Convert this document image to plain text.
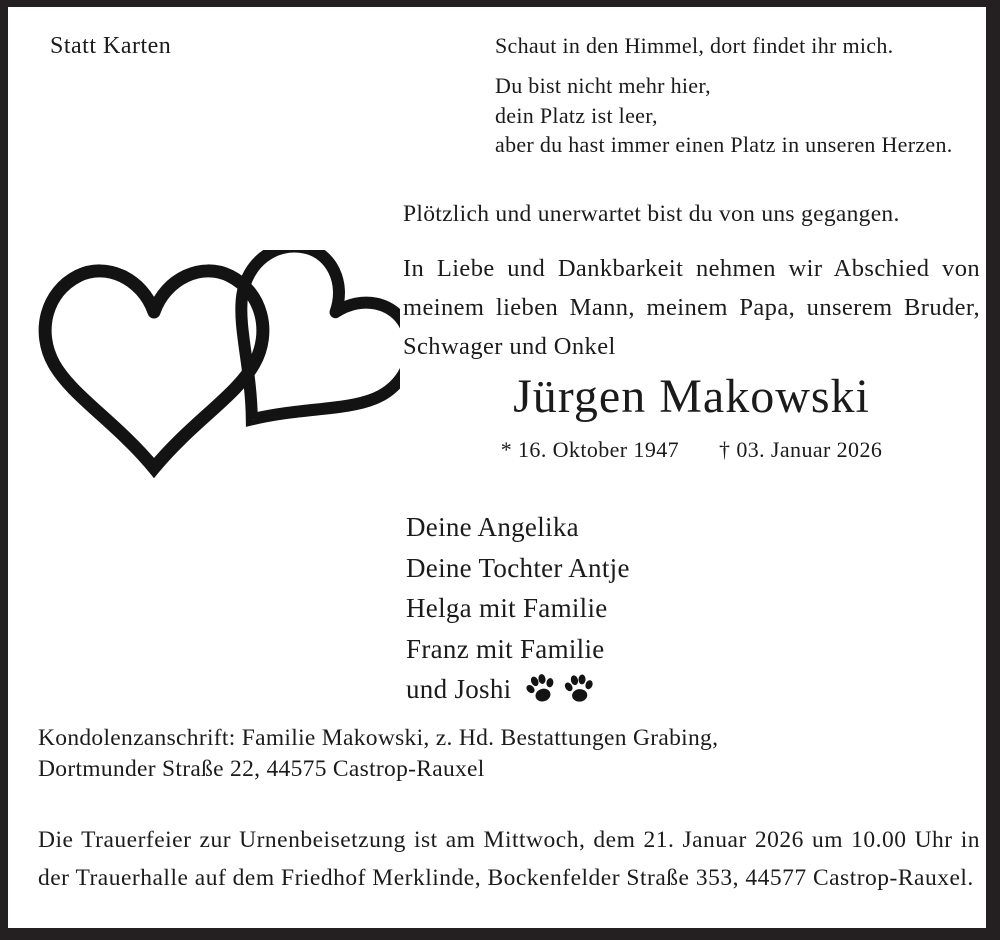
Statt Karten	Schaut in den Himmel, dort findet ihr mich.
Du bist nicht mehr hier,
dein Platz ist leer,
aber du hast immer einen Platz in unseren Herzen.
Plötzlich und unerwartet bist du von uns gegangen.
In Liebe und Dankbarkeit nehmen wir Abschied von meinem lieben Mann, meinem Papa, unserem Bruder, Schwager und Onkel
Jürgen Makowski
* 16. Oktober 1947 † 03. Januar 2026
Deine Angelika
Deine Tochter Antje
Helga mit Familie
Franz mit Familie
und Joshi
Kondolenzanschrift: Familie Makowski, z. Hd. Bestattungen Grabing,
Dortmunder Straße 22, 44575 Castrop-Rauxel
Die Trauerfeier zur Urnenbeisetzung ist am Mittwoch, dem 21. Januar 2026 um 10.00 Uhr in der Trauerhalle auf dem Friedhof Merklinde, Bockenfelder Straße 353, 44577 Castrop-Rauxel.
